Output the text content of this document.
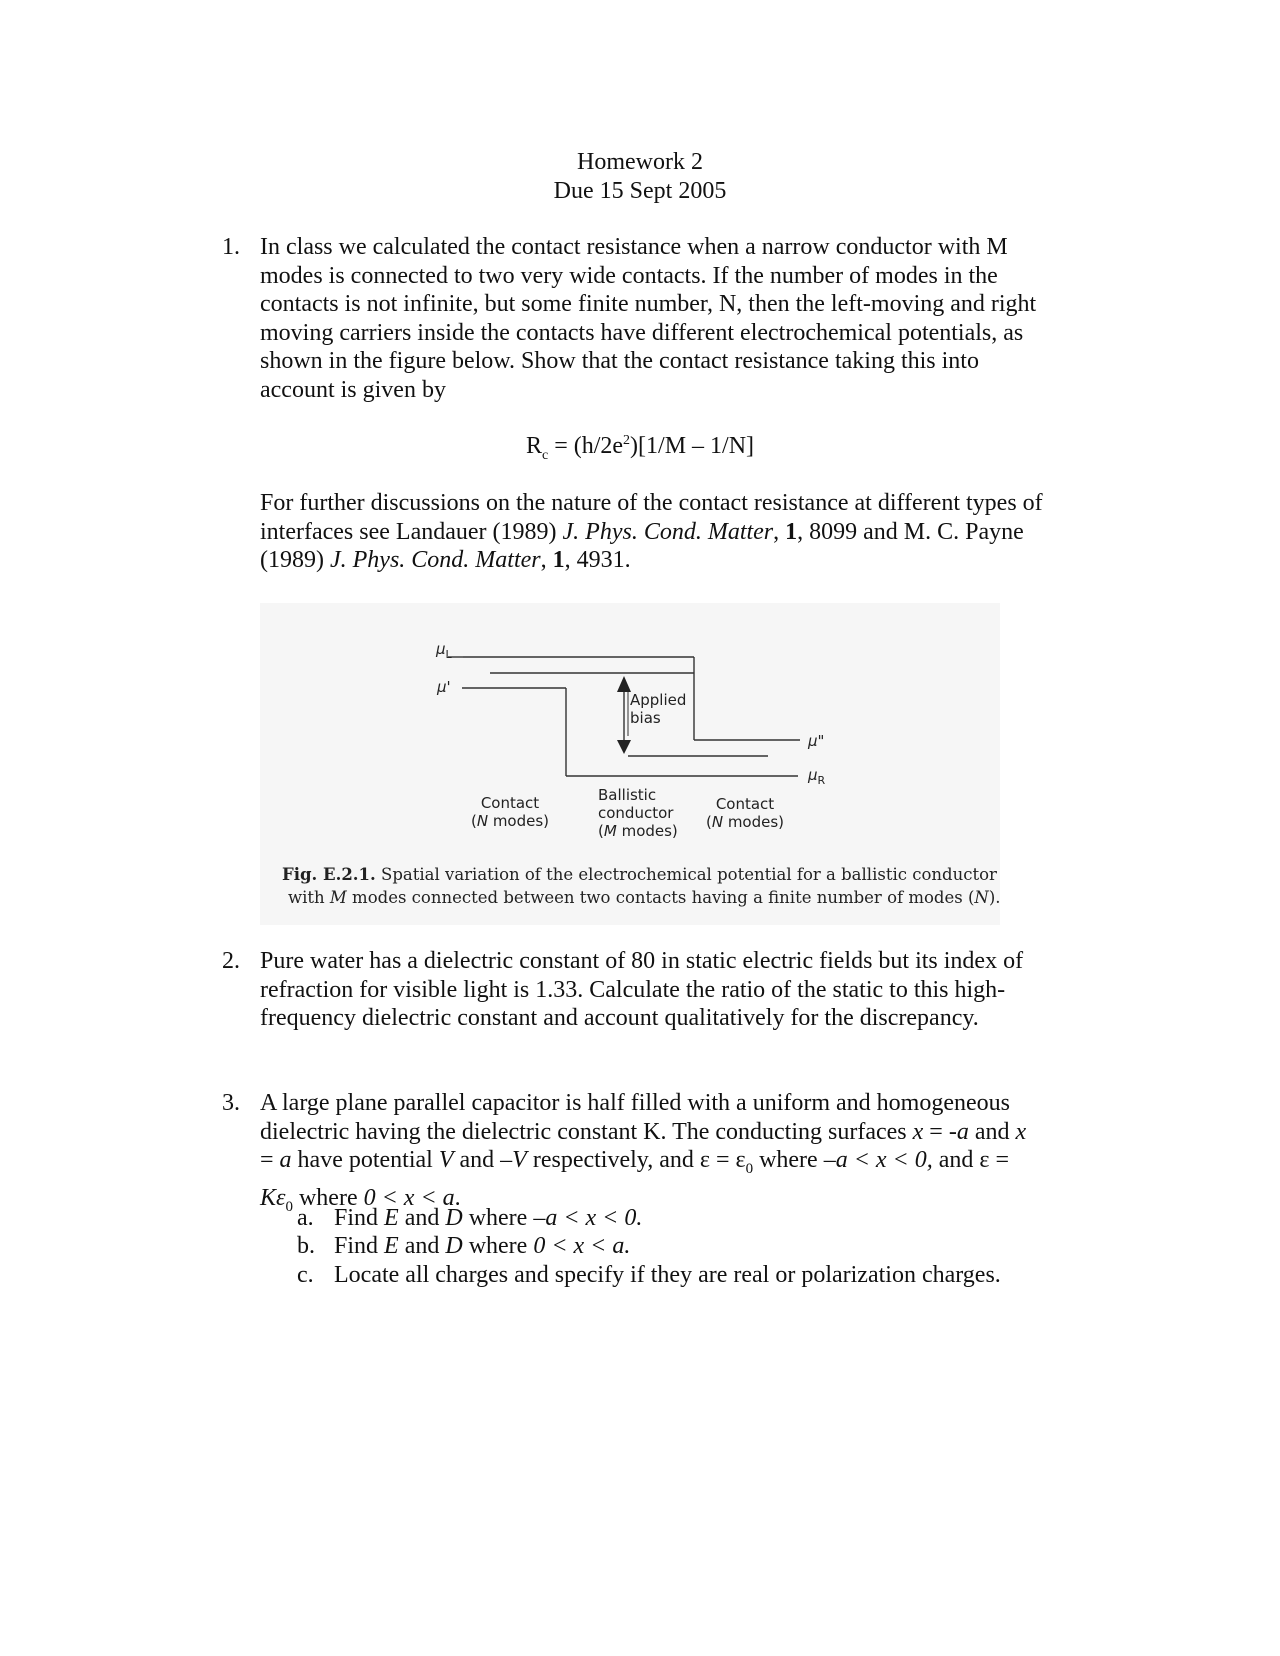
Homework 2
Due 15 Sept 2005
1. In class we calculated the contact resistance when a narrow conductor with M
modes is connected to two very wide contacts. If the number of modes in the
contacts is not infinite, but some finite number, N, then the left-moving and right
moving carriers inside the contacts have different electrochemical potentials, as
shown in the figure below. Show that the contact resistance taking this into
account is given by
$R_c = (h/2e^2)[1/M - 1/N]$
For further discussions on the nature of the contact resistance at different types of
interfaces see Landauer (1989) J. Phys. Cond. Matter, 1, 8099 and M. C. Payne
(1989) J. Phys. Cond. Matter, 1, 4931.
$\mu_L$
μ'
μ"
$\mu_R$
Applied
bias
Contact
(N modes)
Ballistic
conductor
(M modes)
Contact
(N modes)
Fig. E.2.1. Spatial variation of the electrochemical potential for a ballistic conductor
with M modes connected between two contacts having a finite number of modes (N).
2. Pure water has a dielectric constant of 80 in static electric fields but its index of
refraction for visible light is 1.33. Calculate the ratio of the static to this high-
frequency dielectric constant and account qualitatively for the discrepancy.
3. A large plane parallel capacitor is half filled with a uniform and homogeneous
dielectric having the dielectric constant K. The conducting surfaces x = -a and x
= a have potential V and –V respectively, and $\varepsilon = \varepsilon_0$ where –a < x < 0, and ε =
$K\varepsilon_0$ where 0 < x < a.
a. Find E and D where –a < x < 0.
b. Find E and D where 0 < x < a.
c. Locate all charges and specify if they are real or polarization charges.
